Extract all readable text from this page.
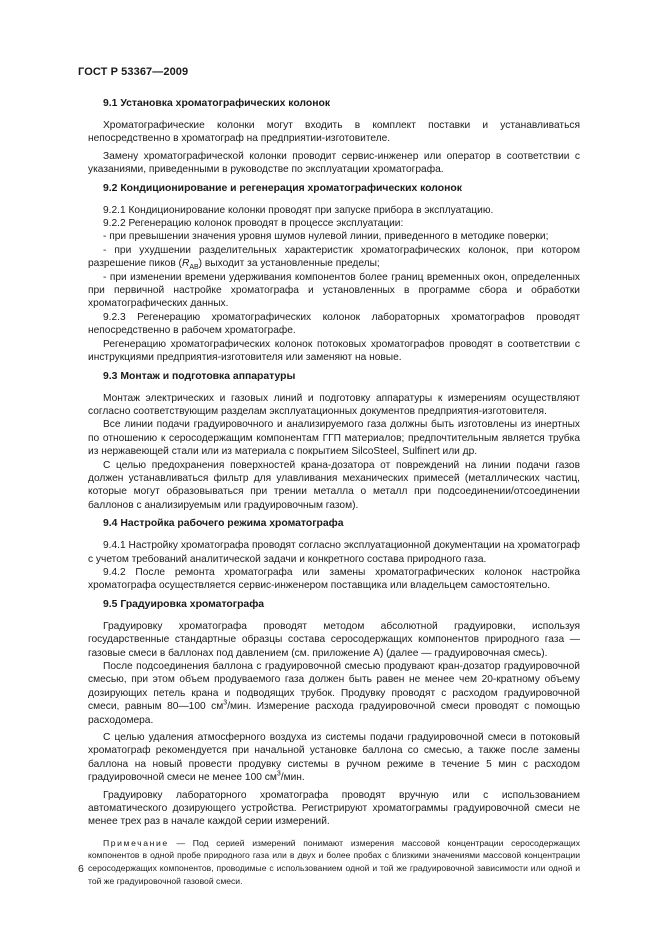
ГОСТ Р 53367—2009
9.1 Установка хроматографических колонок

Хроматографические колонки могут входить в комплект поставки и устанавливаться непосредственно в хроматограф на предприятии-изготовителе.

Замену хроматографической колонки проводит сервис-инженер или оператор в соответствии с указаниями, приведенными в руководстве по эксплуатации хроматографа.

9.2 Кондиционирование и регенерация хроматографических колонок

9.2.1 Кондиционирование колонки проводят при запуске прибора в эксплуатацию.

9.2.2 Регенерацию колонок проводят в процессе эксплуатации:

- при превышении значения уровня шумов нулевой линии, приведенного в методике поверки;

- при ухудшении разделительных характеристик хроматографических колонок, при котором разрешение пиков $(R_{AB})$ выходит за установленные пределы;

- при изменении времени удерживания компонентов более границ временных окон, определенных при первичной настройке хроматографа и установленных в программе сбора и обработки хроматографических данных.

9.2.3 Регенерацию хроматографических колонок лабораторных хроматографов проводят непосредственно в рабочем хроматографе.

Регенерацию хроматографических колонок потоковых хроматографов проводят в соответствии с инструкциями предприятия-изготовителя или заменяют на новые.

9.3 Монтаж и подготовка аппаратуры

Монтаж электрических и газовых линий и подготовку аппаратуры к измерениям осуществляют согласно соответствующим разделам эксплуатационных документов предприятия-изготовителя.

Все линии подачи градуировочного и анализируемого газа должны быть изготовлены из инертных по отношению к серосодержащим компонентам ГГП материалов; предпочтительным является трубка из нержавеющей стали или из материала с покрытием SilcoSteel, Sulfinert или др.

С целью предохранения поверхностей крана-дозатора от повреждений на линии подачи газов должен устанавливаться фильтр для улавливания механических примесей (металлических частиц, которые могут образовываться при трении металла о металл при подсоединении/отсоединении баллонов с анализируемым или градуировочным газом).

9.4 Настройка рабочего режима хроматографа

9.4.1 Настройку хроматографа проводят согласно эксплуатационной документации на хроматограф с учетом требований аналитической задачи и конкретного состава природного газа.

9.4.2 После ремонта хроматографа или замены хроматографических колонок настройка хроматографа осуществляется сервис-инженером поставщика или владельцем самостоятельно.

9.5 Градуировка хроматографа

Градуировку хроматографа проводят методом абсолютной градуировки, используя государственные стандартные образцы состава серосодержащих компонентов природного газа — газовые смеси в баллонах под давлением (см. приложение А) (далее — градуировочная смесь).

После подсоединения баллона с градуировочной смесью продувают кран-дозатор градуировочной смесью, при этом объем продуваемого газа должен быть равен не менее чем 20-кратному объему дозирующих петель крана и подводящих трубок. Продувку проводят с расходом градуировочной смеси, равным 80—100 $см^3$/мин. Измерение расхода градуировочной смеси проводят с помощью расходомера.

С целью удаления атмосферного воздуха из системы подачи градуировочной смеси в потоковый хроматограф рекомендуется при начальной установке баллона со смесью, а также после замены баллона на новый провести продувку системы в ручном режиме в течение 5 мин с расходом градуировочной смеси не менее 100 $см^3$/мин.

Градуировку лабораторного хроматографа проводят вручную или с использованием автоматического дозирующего устройства. Регистрируют хроматограммы градуировочной смеси не менее трех раз в начале каждой серии измерений.

Примечание — Под серией измерений понимают измерения массовой концентрации серосодержащих компонентов в одной пробе природного газа или в двух и более пробах с близкими значениями массовой концентрации серосодержащих компонентов, проводимые с использованием одной и той же градуировочной зависимости или одной и той же градуировочной газовой смеси.

6
